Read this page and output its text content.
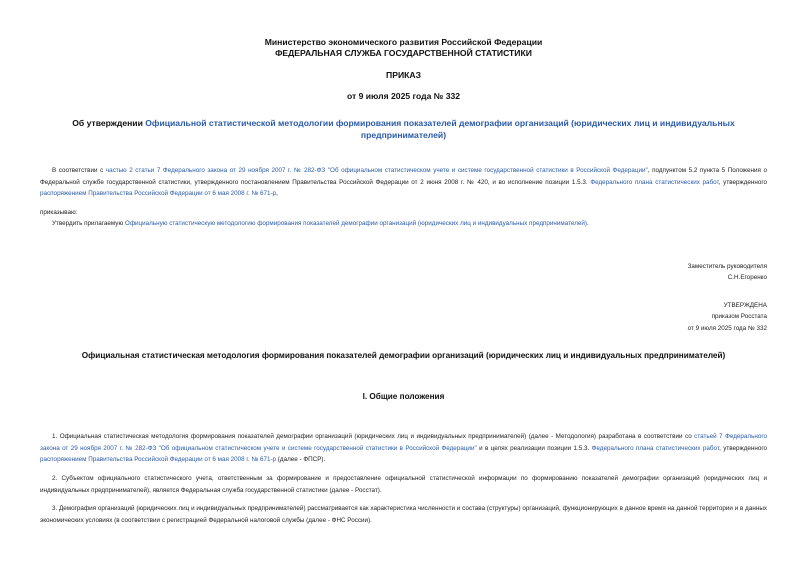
Министерство экономического развития Российской Федерации
ФЕДЕРАЛЬНАЯ СЛУЖБА ГОСУДАРСТВЕННОЙ СТАТИСТИКИ
ПРИКАЗ
от 9 июля 2025 года № 332
Об утверждении Официальной статистической методологии формирования показателей демографии организаций (юридических лиц и индивидуальных предпринимателей)
В соответствии с частью 2 статьи 7 Федерального закона от 29 ноября 2007 г. № 282-ФЗ "Об официальном статистическом учете и системе государственной статистики в Российской Федерации", подпунктом 5.2 пункта 5 Положения о Федеральной службе государственной статистики, утвержденного постановлением Правительства Российской Федерации от 2 июня 2008 г. № 420, и во исполнение позиции 1.5.3. Федерального плана статистических работ, утвержденного распоряжением Правительства Российской Федерации от 6 мая 2008 г. № 671-р,
приказываю:
Утвердить прилагаемую Официальную статистическую методологию формирования показателей демографии организаций (юридических лиц и индивидуальных предпринимателей).
Заместитель руководителя
С.Н.Егоренко
УТВЕРЖДЕНА
приказом Росстата
от 9 июля 2025 года № 332
Официальная статистическая методология формирования показателей демографии организаций (юридических лиц и индивидуальных предпринимателей)
I. Общие положения
1. Официальная статистическая методология формирования показателей демографии организаций (юридических лиц и индивидуальных предпринимателей) (далее - Методология) разработана в соответствии со статьей 7 Федерального закона от 29 ноября 2007 г. № 282-ФЗ "Об официальном статистическом учете и системе государственной статистики в Российской Федерации" и в целях реализации позиции 1.5.3. Федерального плана статистических работ, утвержденного распоряжением Правительства Российской Федерации от 6 мая 2008 г. № 671-р (далее - ФПСР).
2. Субъектом официального статистического учета, ответственным за формирование и предоставление официальной статистической информации по формированию показателей демографии организаций (юридических лиц и индивидуальных предпринимателей), является Федеральная служба государственной статистики (далее - Росстат).
3. Демография организаций (юридических лиц и индивидуальных предпринимателей) рассматривается как характеристика численности и состава (структуры) организаций, функционирующих в данное время на данной территории и в данных экономических условиях (в соответствии с регистрацией Федеральной налоговой службы (далее - ФНС России).
